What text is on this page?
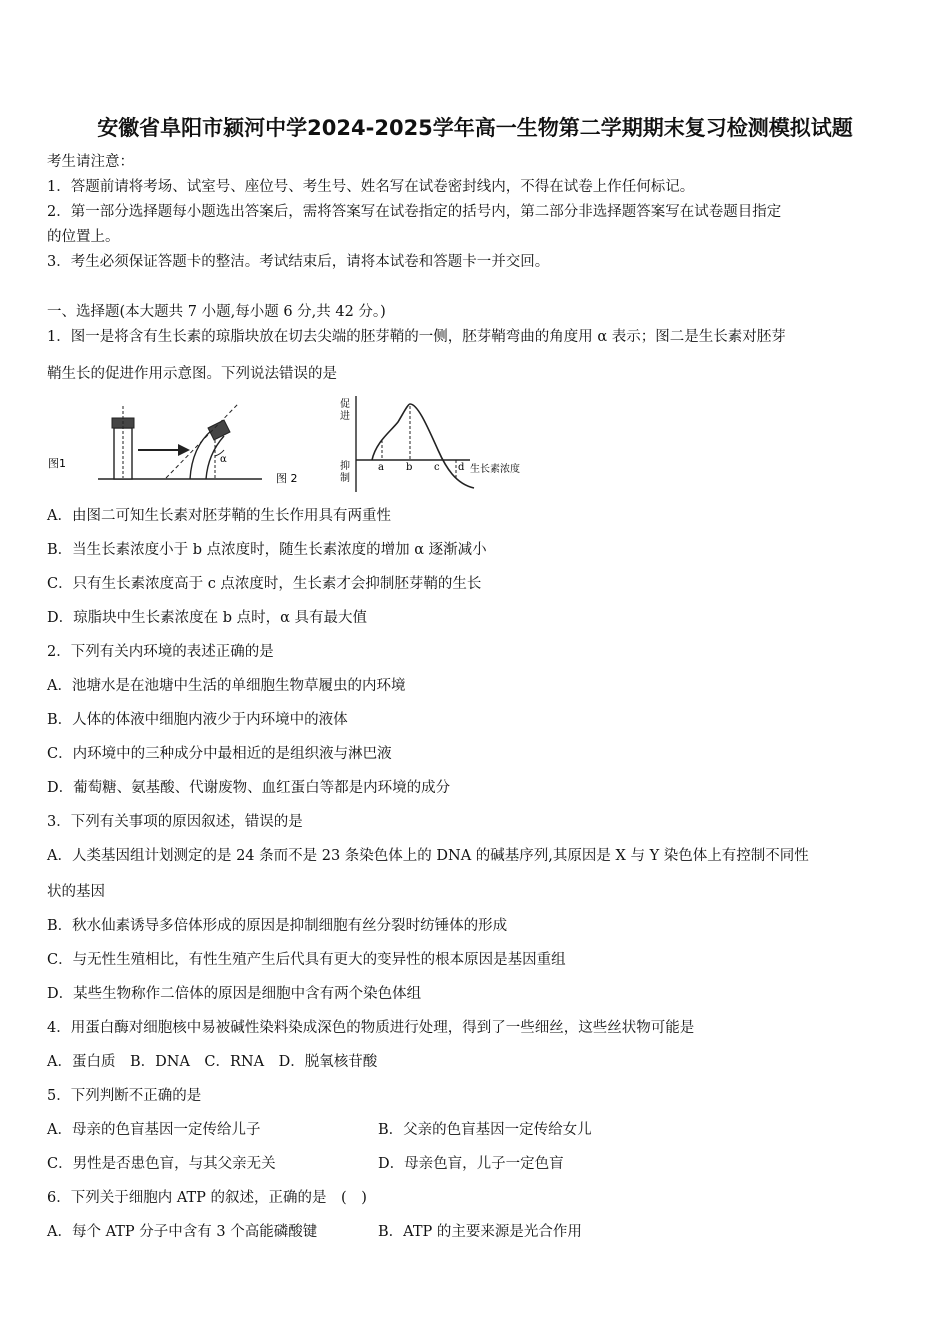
安徽省阜阳市颍河中学2024-2025学年高一生物第二学期期末复习检测模拟试题
考生请注意：
1．答题前请将考场、试室号、座位号、考生号、姓名写在试卷密封线内，不得在试卷上作任何标记。
2．第一部分选择题每小题选出答案后，需将答案写在试卷指定的括号内，第二部分非选择题答案写在试卷题目指定
的位置上。
3．考生必须保证答题卡的整洁。考试结束后，请将本试卷和答题卡一并交回。
一、选择题(本大题共 7 小题,每小题 6 分,共 42 分。)
1．图一是将含有生长素的琼脂块放在切去尖端的胚芽鞘的一侧，胚芽鞘弯曲的角度用 α 表示；图二是生长素对胚芽
鞘生长的促进作用示意图。下列说法错误的是
图1	α
图 2
促进
抑制
a b c d 生长素浓度
A．由图二可知生长素对胚芽鞘的生长作用具有两重性
B．当生长素浓度小于 b 点浓度时，随生长素浓度的增加 α 逐渐减小
C．只有生长素浓度高于 c 点浓度时，生长素才会抑制胚芽鞘的生长
D．琼脂块中生长素浓度在 b 点时，α 具有最大值
2．下列有关内环境的表述正确的是
A．池塘水是在池塘中生活的单细胞生物草履虫的内环境
B．人体的体液中细胞内液少于内环境中的液体
C．内环境中的三种成分中最相近的是组织液与淋巴液
D．葡萄糖、氨基酸、代谢废物、血红蛋白等都是内环境的成分
3．下列有关事项的原因叙述，错误的是
A．人类基因组计划测定的是 24 条而不是 23 条染色体上的 DNA 的碱基序列,其原因是 X 与 Y 染色体上有控制不同性
状的基因
B．秋水仙素诱导多倍体形成的原因是抑制细胞有丝分裂时纺锤体的形成
C．与无性生殖相比，有性生殖产生后代具有更大的变异性的根本原因是基因重组
D．某些生物称作二倍体的原因是细胞中含有两个染色体组
4．用蛋白酶对细胞核中易被碱性染料染成深色的物质进行处理，得到了一些细丝，这些丝状物可能是
A．蛋白质　B．DNA　C．RNA　D．脱氧核苷酸
5．下列判断不正确的是
A．母亲的色盲基因一定传给儿子	B．父亲的色盲基因一定传给女儿
C．男性是否患色盲，与其父亲无关	D．母亲色盲，儿子一定色盲
6．下列关于细胞内 ATP 的叙述，正确的是　(　)
A．每个 ATP 分子中含有 3 个高能磷酸键	B．ATP 的主要来源是光合作用
